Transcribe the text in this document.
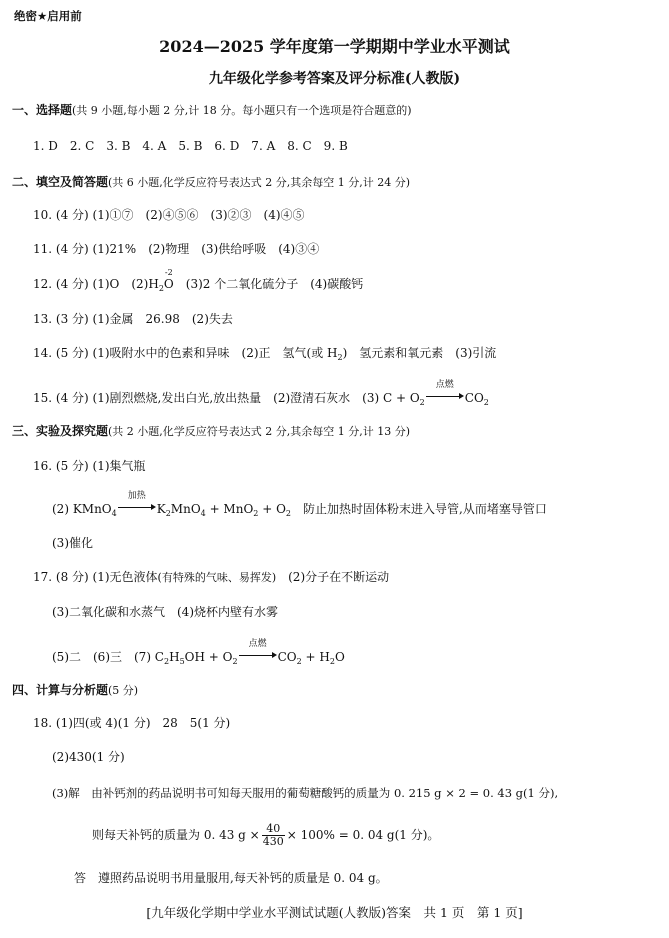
绝密★启用前
2024—2025 学年度第一学期期中学业水平测试
九年级化学参考答案及评分标准(人教版)
一、选择题(共 9 小题,每小题 2 分,计 18 分。每小题只有一个选项是符合题意的)
1. D　2. C　3. B　4. A　5. B　6. D　7. A　8. C　9. B
二、填空及简答题(共 6 小题,化学反应符号表达式 2 分,其余每空 1 分,计 24 分)
10. (4 分) (1)①⑦　(2)④⑤⑥　(3)②③　(4)④⑤
11. (4 分) (1)21%　(2)物理　(3)供给呼吸　(4)③④
12. (4 分) (1)O　$(2)H_2$
-2
O　(3)2 个二氧化硫分子　(4)碳酸钙
13. (3 分) (1)金属　26.98　(2)失去
14. (5 分) (1)吸附水中的色素和异味　(2)正　氢气(或 $H_2$)　氢元素和氧元素　(3)引流
15. (4 分) (1)剧烈燃烧,发出白光,放出热量　(2)澄清石灰水　(3) $C + O_2$
点燃
$CO_2$
三、实验及探究题(共 2 小题,化学反应符号表达式 2 分,其余每空 1 分,计 13 分)
16. (5 分) (1)集气瓶
(2) KMnO$_4$
加热
$K_2MnO_4 + MnO_2 + O_2$　防止加热时固体粉末进入导管,从而堵塞导管口
(3)催化
17. (8 分) (1)无色液体(有特殊的气味、易挥发)　(2)分子在不断运动
(3)二氧化碳和水蒸气　(4)烧杯内壁有水雾
(5)二　(6)三　(7) $C_2H_5OH + O_2$
点燃
$CO_2 + H_2O$
四、计算与分析题(5 分)
18. (1)四(或 4)(1 分)　28　5(1 分)
(2)430(1 分)
(3)解　由补钙剂的药品说明书可知每天服用的葡萄糖酸钙的质量为 0. 215 g × 2 = 0. 43 g(1 分),
则每天补钙的质量为 0. 43 $g \times \frac{40}{430} \times 100\% = 0$. 04 g(1 分)。
答　遵照药品说明书用量服用,每天补钙的质量是 0. 04 g。
[九年级化学期中学业水平测试试题(人教版)答案　共 1 页　第 1 页]
